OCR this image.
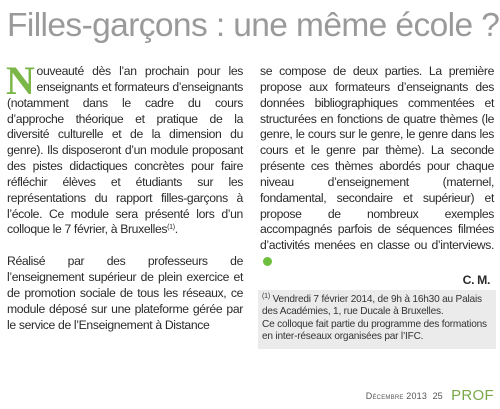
Filles-garçons : une même école ?

Nouveauté dès l’an prochain pour les enseignants et formateurs d’enseignants (notamment dans le cadre du cours d’approche théorique et pratique de la diversité culturelle et de la dimension du genre). Ils disposeront d’un module proposant des pistes didactiques concrètes pour faire réfléchir élèves et étudiants sur les représentations du rapport filles-garçons à l’école. Ce module sera présenté lors d’un colloque le 7 février, à Bruxelles$^{(1)}$.

Réalisé par des professeurs de l’enseignement supérieur de plein exercice et de promotion sociale de tous les réseaux, ce module déposé sur une plateforme gérée par le service de l’Enseignement à Distance

se compose de deux parties. La première propose aux formateurs d’enseignants des données bibliographiques commentées et structurées en fonctions de quatre thèmes (le genre, le cours sur le genre, le genre dans les cours et le genre par thème). La seconde présente ces thèmes abordés pour chaque niveau d’enseignement (maternel, fondamental, secondaire et supérieur) et propose de nombreux exemples accompagnés parfois de séquences filmées d’activités menées en classe ou d’interviews.

C. M.

$^{(1)}$ Vendredi 7 février 2014, de 9h à 16h30 au Palais des Académies, 1, rue Ducale à Bruxelles.

Ce colloque fait partie du programme des formations en inter-réseaux organisées par l’IFC.

Décembre 2013 25 PROF
